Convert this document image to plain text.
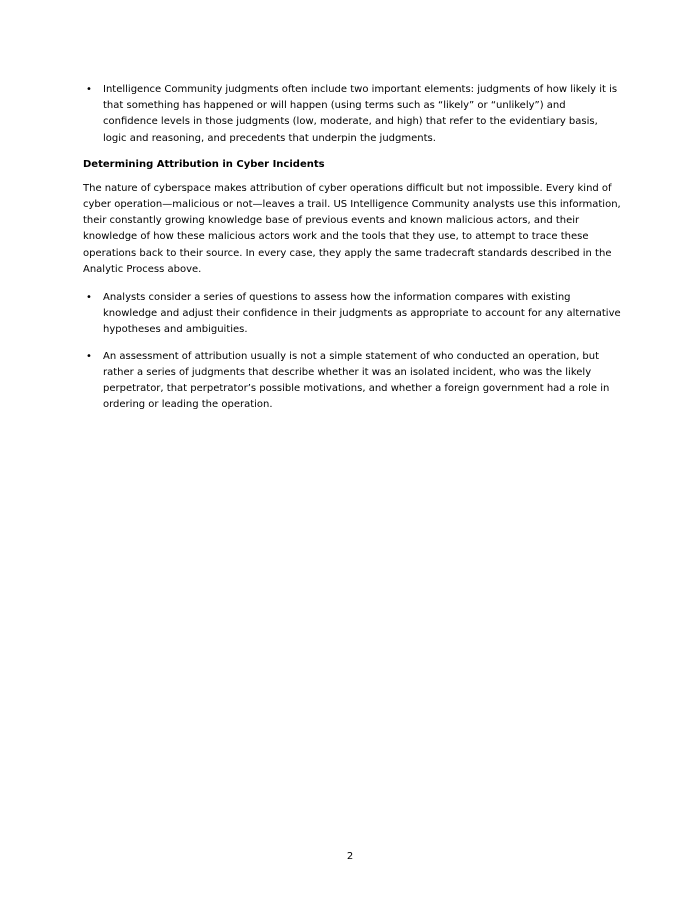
• Intelligence Community judgments often include two important elements: judgments of how likely it is that something has happened or will happen (using terms such as “likely” or “unlikely”) and confidence levels in those judgments (low, moderate, and high) that refer to the evidentiary basis, logic and reasoning, and precedents that underpin the judgments.
Determining Attribution in Cyber Incidents
The nature of cyberspace makes attribution of cyber operations difficult but not impossible. Every kind of cyber operation—malicious or not—leaves a trail. US Intelligence Community analysts use this information, their constantly growing knowledge base of previous events and known malicious actors, and their knowledge of how these malicious actors work and the tools that they use, to attempt to trace these operations back to their source. In every case, they apply the same tradecraft standards described in the Analytic Process above.
• Analysts consider a series of questions to assess how the information compares with existing knowledge and adjust their confidence in their judgments as appropriate to account for any alternative hypotheses and ambiguities.
• An assessment of attribution usually is not a simple statement of who conducted an operation, but rather a series of judgments that describe whether it was an isolated incident, who was the likely perpetrator, that perpetrator’s possible motivations, and whether a foreign government had a role in ordering or leading the operation.
2
